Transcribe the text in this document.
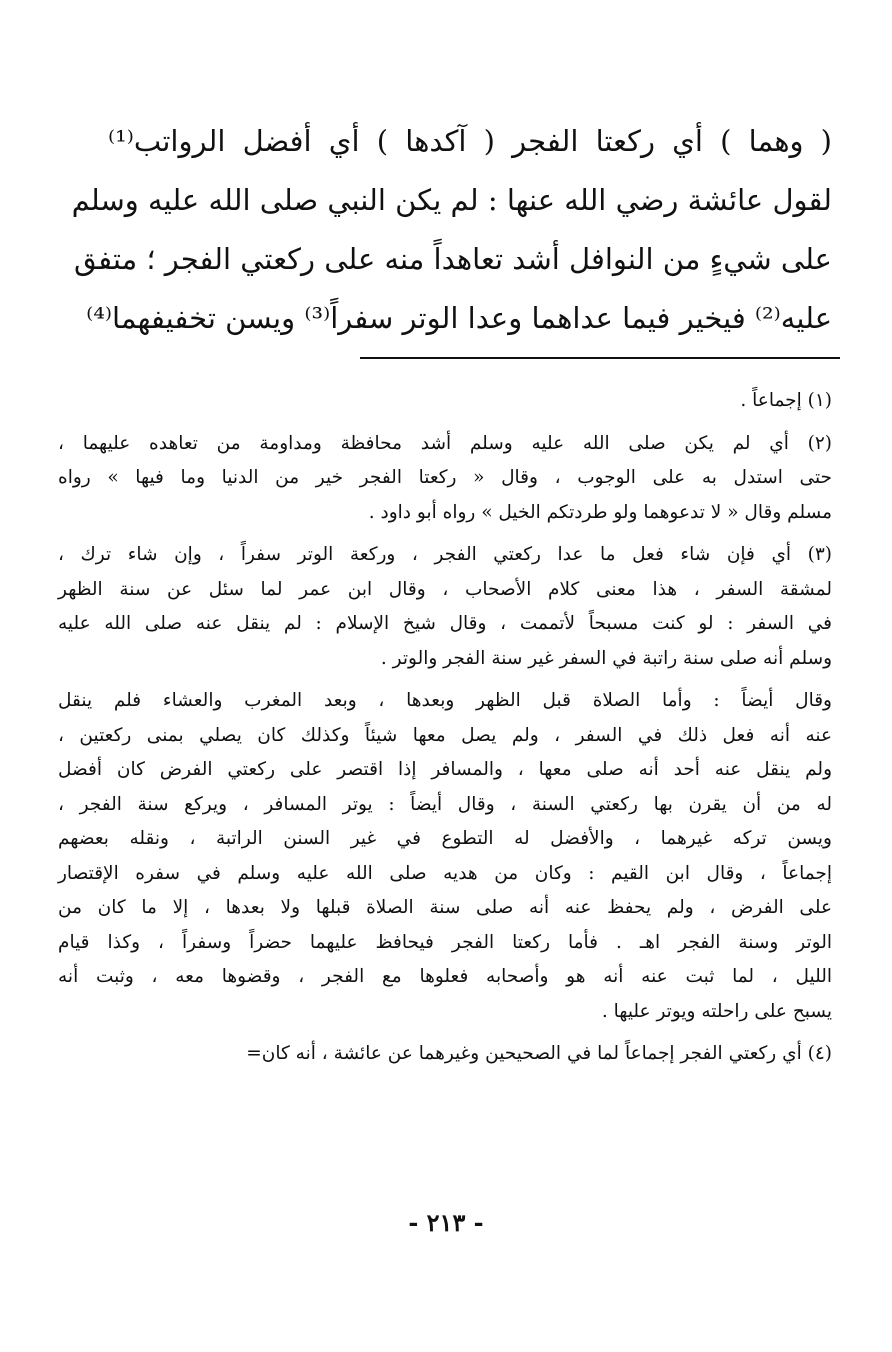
( وهما ) أي ركعتا الفجر ( آكدها ) أي أفضل الرواتب⁽¹⁾
لقول عائشة رضي الله عنها : لم يكن النبي صلى الله عليه وسلم
على شيءٍ من النوافل أشد تعاهداً منه على ركعتي الفجر ؛ متفق
عليه⁽²⁾ فيخير فيما عداهما وعدا الوتر سفراً⁽³⁾ ويسن تخفيفهما⁽⁴⁾
(١) إجماعاً .
(٢) أي لم يكن صلى الله عليه وسلم أشد محافظة ومداومة من تعاهده عليهما ،
حتى استدل به على الوجوب ، وقال « ركعتا الفجر خير من الدنيا وما فيها » رواه
مسلم وقال « لا تدعوهما ولو طردتكم الخيل » رواه أبو داود .
(٣) أي فإن شاء فعل ما عدا ركعتي الفجر ، وركعة الوتر سفراً ، وإن شاء ترك ،
لمشقة السفر ، هذا معنى كلام الأصحاب ، وقال ابن عمر لما سئل عن سنة الظهر
في السفر : لو كنت مسبحاً لأتممت ، وقال شيخ الإسلام : لم ينقل عنه صلى الله عليه
وسلم أنه صلى سنة راتبة في السفر غير سنة الفجر والوتر .
وقال أيضاً : وأما الصلاة قبل الظهر وبعدها ، وبعد المغرب والعشاء فلم ينقل
عنه أنه فعل ذلك في السفر ، ولم يصل معها شيئاً وكذلك كان يصلي بمنى ركعتين ،
ولم ينقل عنه أحد أنه صلى معها ، والمسافر إذا اقتصر على ركعتي الفرض كان أفضل
له من أن يقرن بها ركعتي السنة ، وقال أيضاً : يوتر المسافر ، ويركع سنة الفجر ،
ويسن تركه غيرهما ، والأفضل له التطوع في غير السنن الراتبة ، ونقله بعضهم
إجماعاً ، وقال ابن القيم : وكان من هديه صلى الله عليه وسلم في سفره الإقتصار
على الفرض ، ولم يحفظ عنه أنه صلى سنة الصلاة قبلها ولا بعدها ، إلا ما كان من
الوتر وسنة الفجر اهـ . فأما ركعتا الفجر فيحافظ عليهما حضراً وسفراً ، وكذا قيام
الليل ، لما ثبت عنه أنه هو وأصحابه فعلوها مع الفجر ، وقضوها معه ، وثبت أنه
يسبح على راحلته ويوتر عليها .
(٤) أي ركعتي الفجر إجماعاً لما في الصحيحين وغيرهما عن عائشة ، أنه كان=
- ٢١٣ -
